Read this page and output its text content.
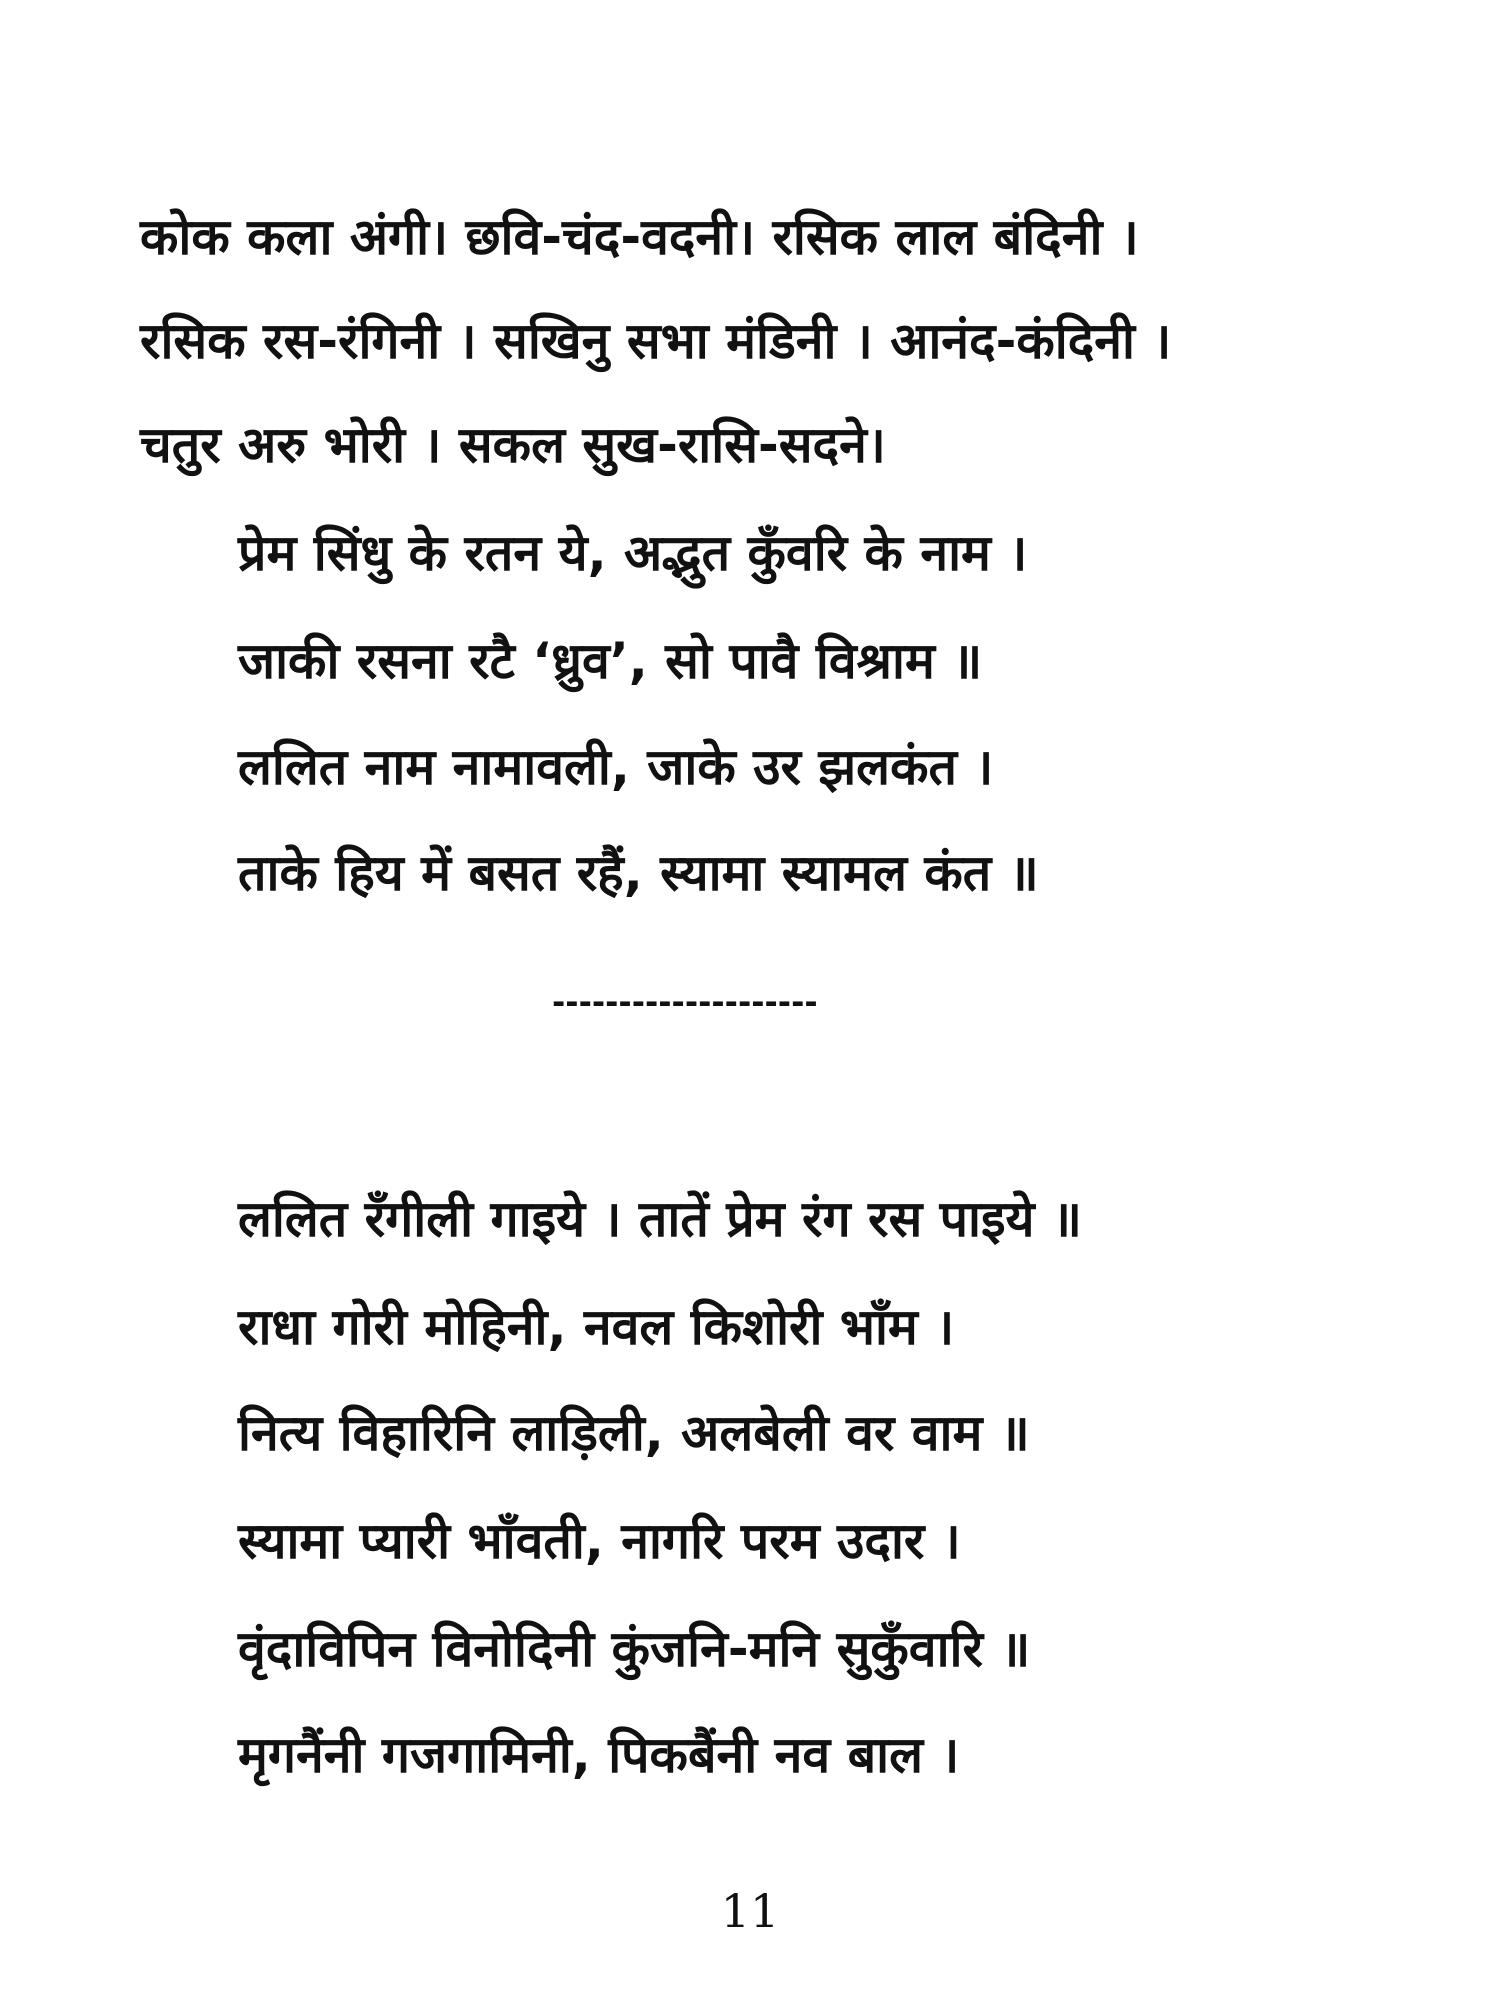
कोक कला अंगी। छवि-चंद-वदनी। रसिक लाल बंदिनी ।
रसिक रस-रंगिनी । सखिनु सभा मंडिनी । आनंद-कंदिनी ।
चतुर अरु भोरी । सकल सुख-रासि-सदने।
प्रेम सिंधु के रतन ये, अद्भुत कुँवरि के नाम ।
जाकी रसना रटै ‘ध्रुव’, सो पावै विश्राम ॥
ललित नाम नामावली, जाके उर झलकंत ।
ताके हिय में बसत रहैं, स्यामा स्यामल कंत ॥
--------------------
ललित रँगीली गाइये । तातें प्रेम रंग रस पाइये ॥
राधा गोरी मोहिनी, नवल किशोरी भाँम ।
नित्य विहारिनि लाड़िली, अलबेली वर वाम ॥
स्यामा प्यारी भाँवती, नागरि परम उदार ।
वृंदाविपिन विनोदिनी कुंजनि-मनि सुकुँवारि ॥
मृगनैंनी गजगामिनी, पिकबैंनी नव बाल ।
11
